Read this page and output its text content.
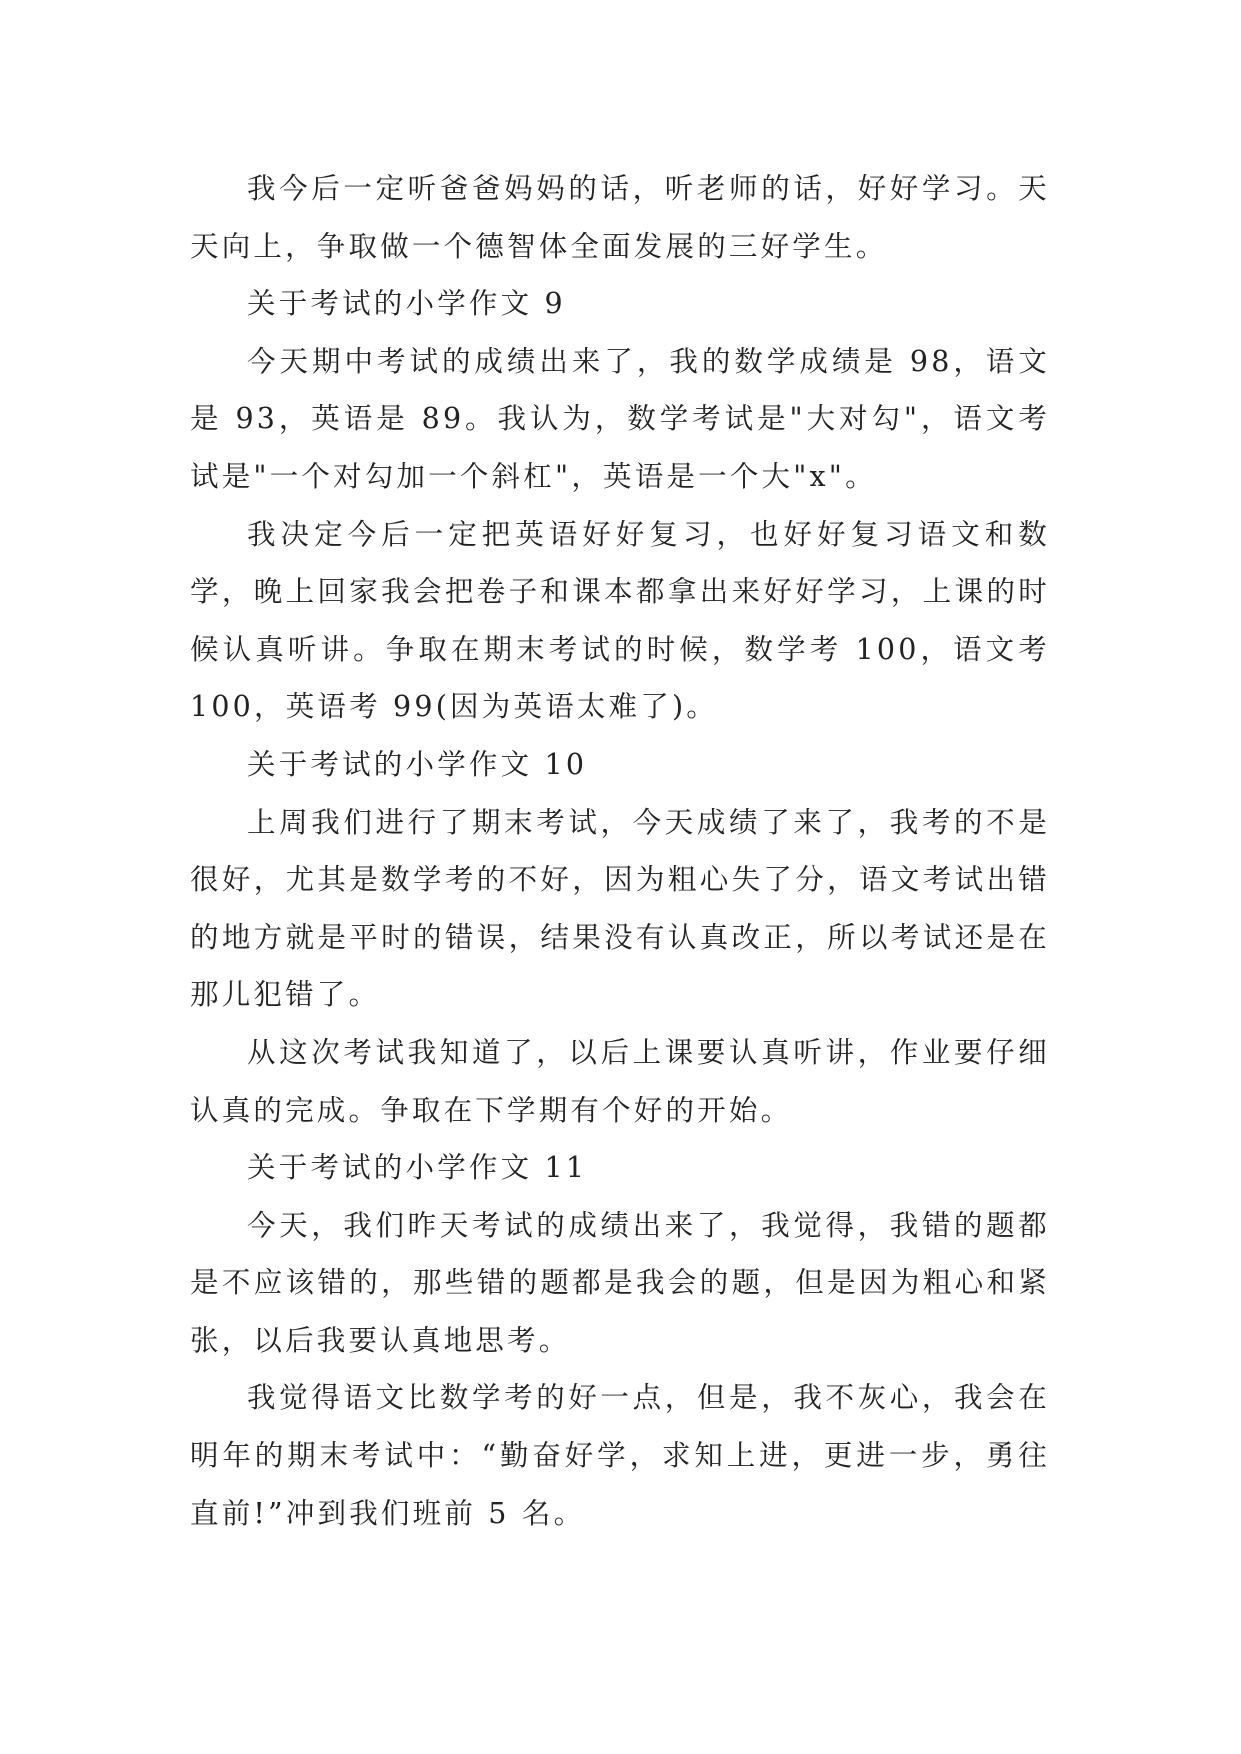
我今后一定听爸爸妈妈的话，听老师的话，好好学习。天天向上，争取做一个德智体全面发展的三好学生。

关于考试的小学作文 9

今天期中考试的成绩出来了，我的数学成绩是 98，语文是 93，英语是 89。我认为，数学考试是"大对勾"，语文考试是"一个对勾加一个斜杠"，英语是一个大"x"。

我决定今后一定把英语好好复习，也好好复习语文和数学，晚上回家我会把卷子和课本都拿出来好好学习，上课的时候认真听讲。争取在期末考试的时候，数学考 100，语文考 100，英语考 99(因为英语太难了)。

关于考试的小学作文 10

上周我们进行了期末考试，今天成绩了来了，我考的不是很好，尤其是数学考的不好，因为粗心失了分，语文考试出错的地方就是平时的错误，结果没有认真改正，所以考试还是在那儿犯错了。

从这次考试我知道了，以后上课要认真听讲，作业要仔细认真的完成。争取在下学期有个好的开始。

关于考试的小学作文 11

今天，我们昨天考试的成绩出来了，我觉得，我错的题都是不应该错的，那些错的题都是我会的题，但是因为粗心和紧张，以后我要认真地思考。

我觉得语文比数学考的好一点，但是，我不灰心，我会在明年的期末考试中：“勤奋好学，求知上进，更进一步，勇往直前!”冲到我们班前 5 名。
